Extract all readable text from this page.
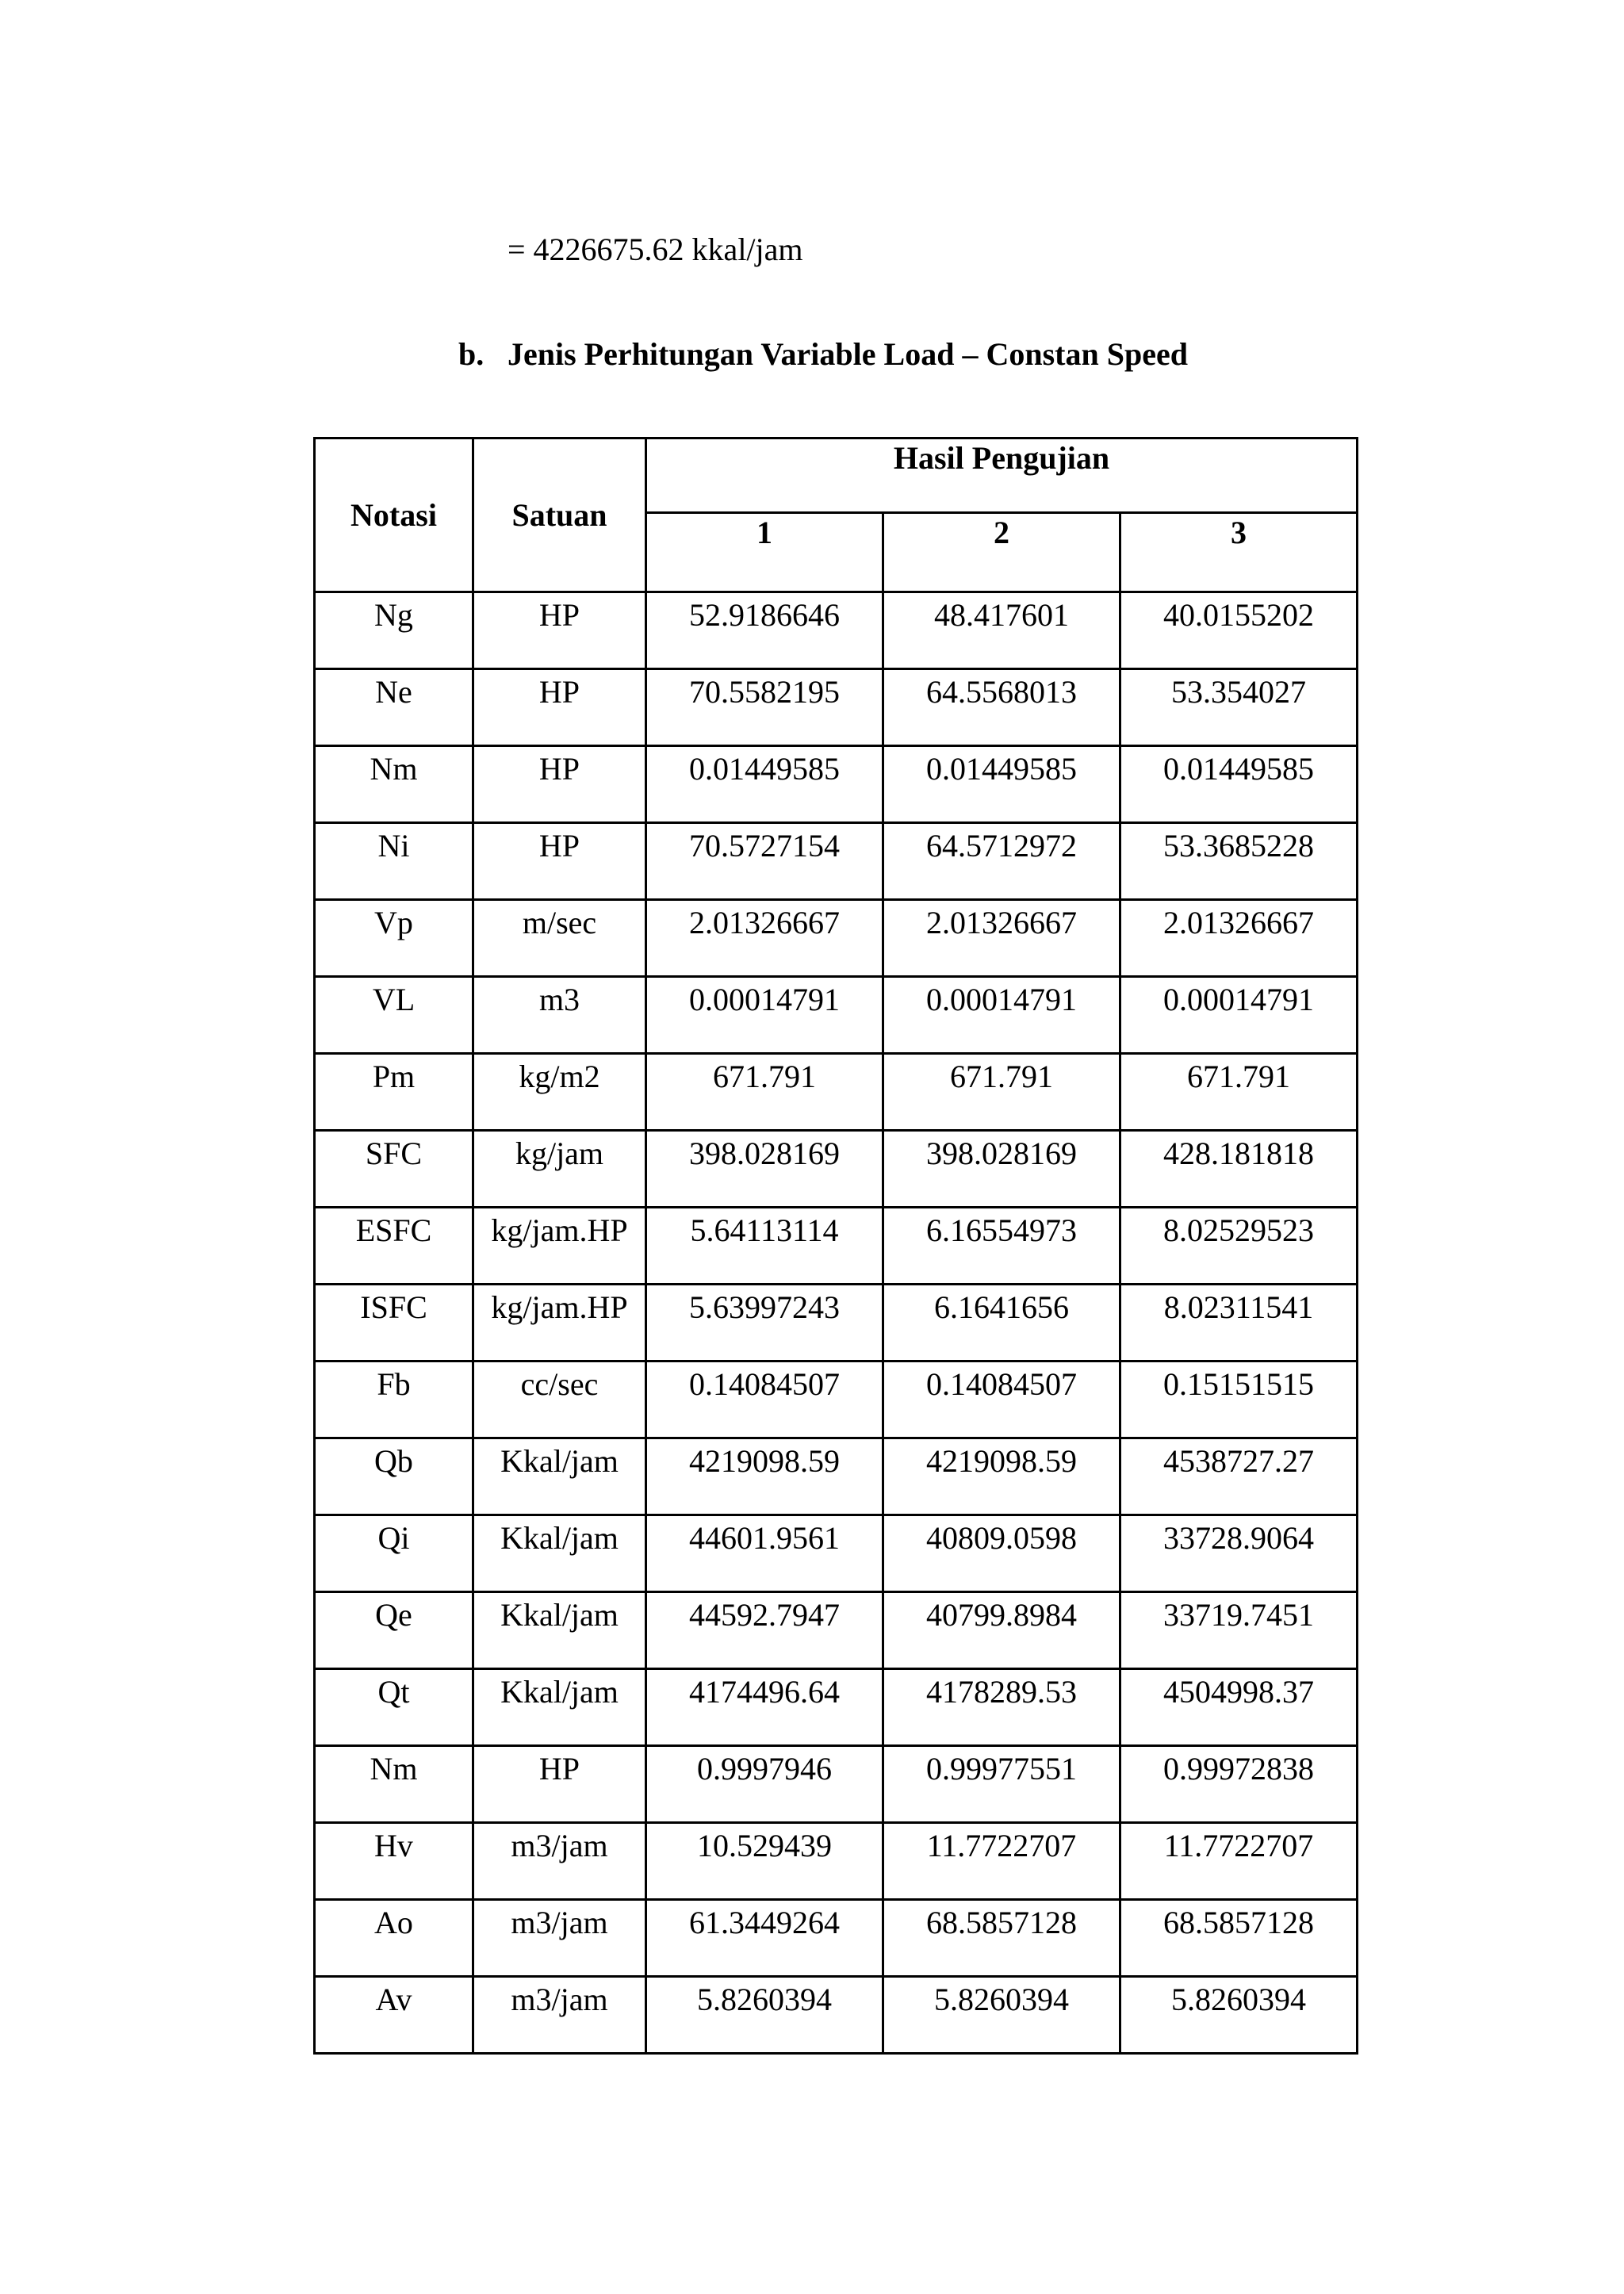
= 4226675.62 kkal/jam
b. Jenis Perhitungan Variable Load – Constan Speed
Notasi	Satuan	Hasil Pengujian		
		1	2	3
Ng	HP	52.9186646	48.417601	40.0155202
Ne	HP	70.5582195	64.5568013	53.354027
Nm	HP	0.01449585	0.01449585	0.01449585
Ni	HP	70.5727154	64.5712972	53.3685228
Vp	m/sec	2.01326667	2.01326667	2.01326667
VL	m3	0.00014791	0.00014791	0.00014791
Pm	kg/m2	671.791	671.791	671.791
SFC	kg/jam	398.028169	398.028169	428.181818
ESFC	kg/jam.HP	5.64113114	6.16554973	8.02529523
ISFC	kg/jam.HP	5.63997243	6.1641656	8.02311541
Fb	cc/sec	0.14084507	0.14084507	0.15151515
Qb	Kkal/jam	4219098.59	4219098.59	4538727.27
Qi	Kkal/jam	44601.9561	40809.0598	33728.9064
Qe	Kkal/jam	44592.7947	40799.8984	33719.7451
Qt	Kkal/jam	4174496.64	4178289.53	4504998.37
Nm	HP	0.9997946	0.99977551	0.99972838
Hv	m3/jam	10.529439	11.7722707	11.7722707
Ao	m3/jam	61.3449264	68.5857128	68.5857128
Av	m3/jam	5.8260394	5.8260394	5.8260394
